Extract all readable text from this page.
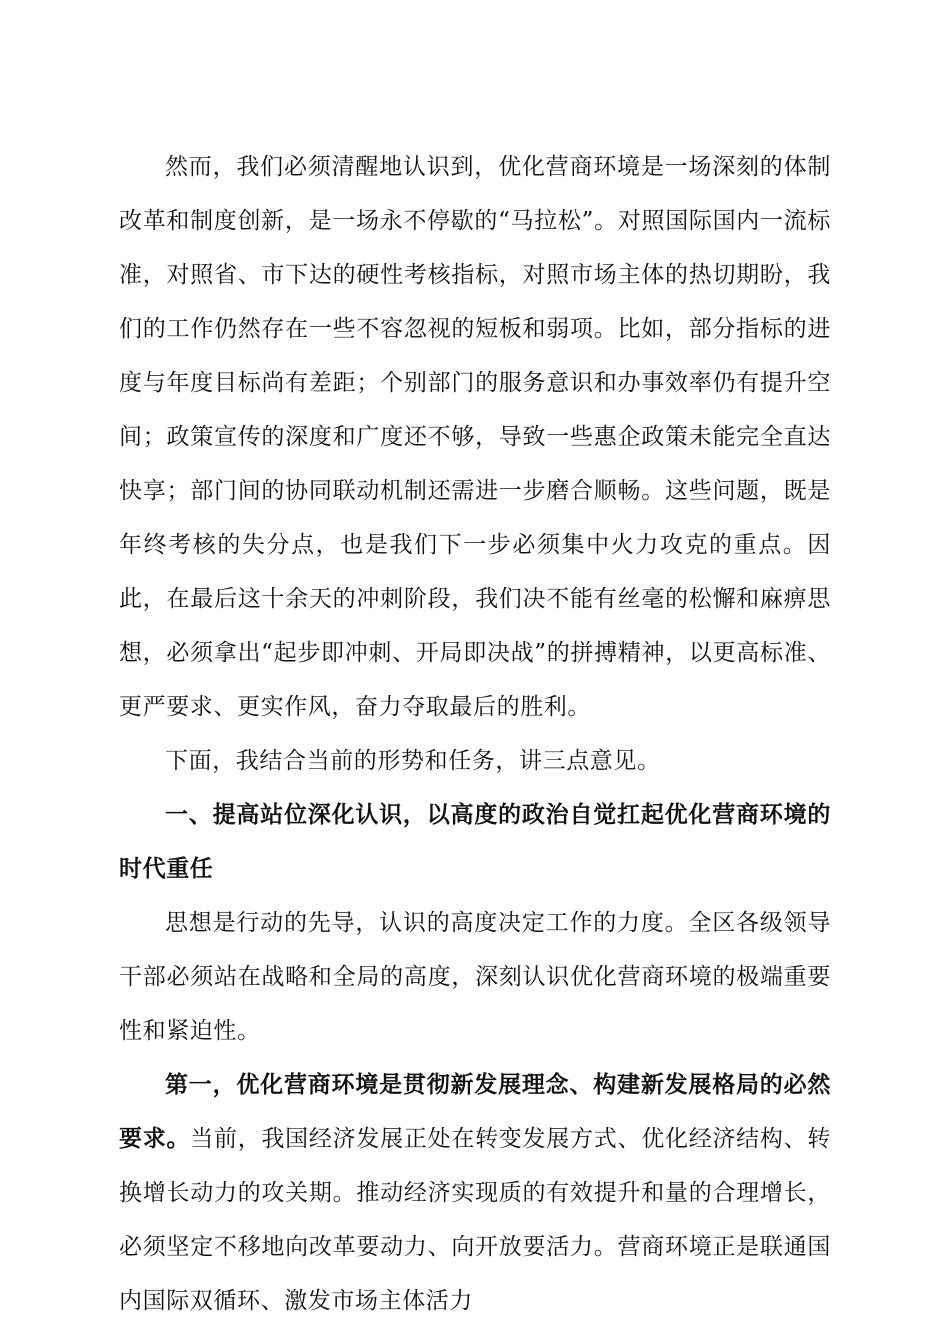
然而，我们必须清醒地认识到，优化营商环境是一场深刻的体制改革和制度创新，是一场永不停歇的“马拉松”。对照国际国内一流标准，对照省、市下达的硬性考核指标，对照市场主体的热切期盼，我们的工作仍然存在一些不容忽视的短板和弱项。比如，部分指标的进度与年度目标尚有差距；个别部门的服务意识和办事效率仍有提升空间；政策宣传的深度和广度还不够，导致一些惠企政策未能完全直达快享；部门间的协同联动机制还需进一步磨合顺畅。这些问题，既是年终考核的失分点，也是我们下一步必须集中火力攻克的重点。因此，在最后这十余天的冲刺阶段，我们决不能有丝毫的松懈和麻痹思想，必须拿出“起步即冲刺、开局即决战”的拼搏精神，以更高标准、更严要求、更实作风，奋力夺取最后的胜利。

下面，我结合当前的形势和任务，讲三点意见。

一、提高站位深化认识，以高度的政治自觉扛起优化营商环境的时代重任

思想是行动的先导，认识的高度决定工作的力度。全区各级领导干部必须站在战略和全局的高度，深刻认识优化营商环境的极端重要性和紧迫性。

第一，优化营商环境是贯彻新发展理念、构建新发展格局的必然要求。当前，我国经济发展正处在转变发展方式、优化经济结构、转换增长动力的攻关期。推动经济实现质的有效提升和量的合理增长，必须坚定不移地向改革要动力、向开放要活力。营商环境正是联通国内国际双循环、激发市场主体活力
